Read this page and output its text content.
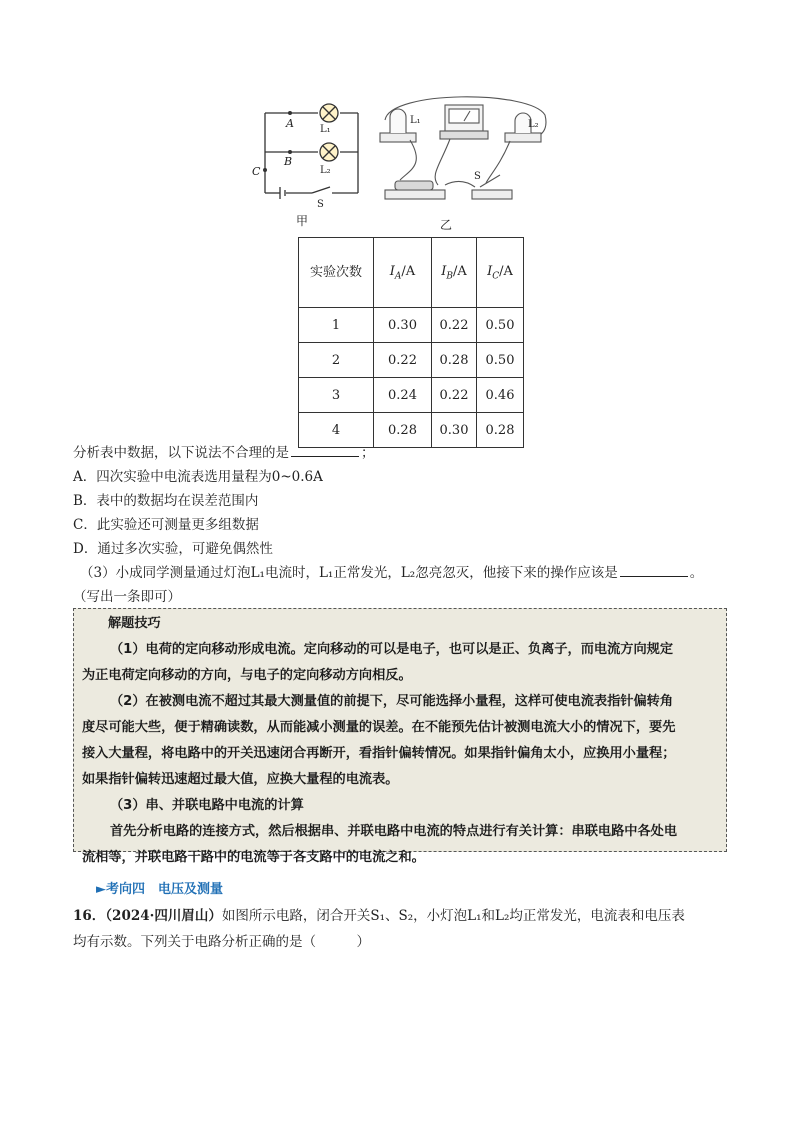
A
B
C
L₁
L₂
S
L₁	L₂
S
甲	乙
实验次数	$I_A/A$	$I_B/A$	$I_C/A$
1	0.30	0.22	0.50
2	0.22	0.28	0.50
3	0.24	0.22	0.46
4	0.28	0.30	0.28
分析表中数据，以下说法不合理的是	；
A．四次实验中电流表选用量程为0~0.6A
B．表中的数据均在误差范围内
C．此实验还可测量更多组数据
D．通过多次实验，可避免偶然性
（3）小成同学测量通过灯泡L₁电流时，L₁正常发光，L₂忽亮忽灭，他接下来的操作应该是	。
（写出一条即可）

解题技巧

（1）电荷的定向移动形成电流。定向移动的可以是电子，也可以是正、负离子，而电流方向规定

为正电荷定向移动的方向，与电子的定向移动方向相反。

（2）在被测电流不超过其最大测量值的前提下，尽可能选择小量程，这样可使电流表指针偏转角

度尽可能大些，便于精确读数，从而能减小测量的误差。在不能预先估计被测电流大小的情况下，要先

接入大量程，将电路中的开关迅速闭合再断开，看指针偏转情况。如果指针偏角太小，应换用小量程；

如果指针偏转迅速超过最大值，应换大量程的电流表。

（3）串、并联电路中电流的计算

首先分析电路的连接方式，然后根据串、并联电路中电流的特点进行有关计算：串联电路中各处电

流相等，并联电路干路中的电流等于各支路中的电流之和。

►考向四　电压及测量
16．（2024·四川眉山）如图所示电路，闭合开关S₁、S₂，小灯泡L₁和L₂均正常发光，电流表和电压表
均有示数。下列关于电路分析正确的是（　　　）
